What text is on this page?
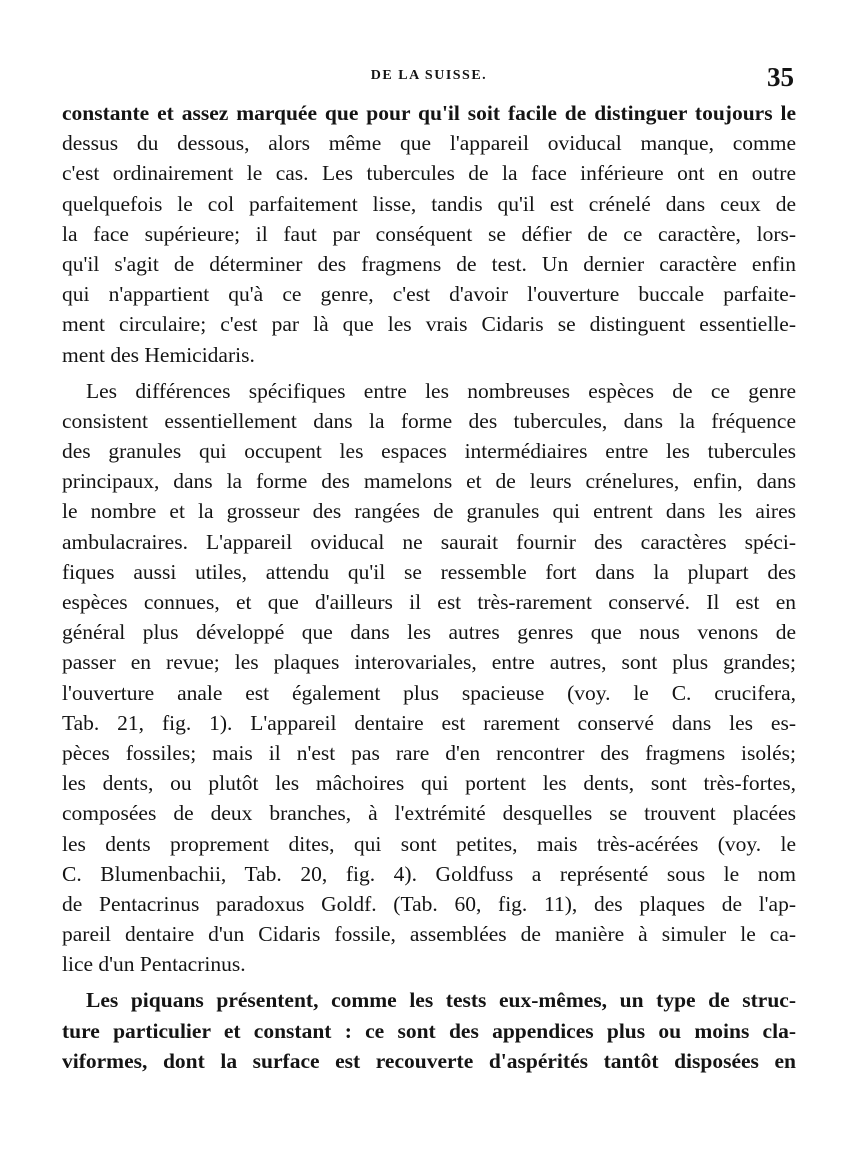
DE LA SUISSE.	35
constante et assez marquée que pour qu'il soit facile de distinguer toujours le
dessus du dessous, alors même que l'appareil oviducal manque, comme
c'est ordinairement le cas. Les tubercules de la face inférieure ont en outre
quelquefois le col parfaitement lisse, tandis qu'il est crénelé dans ceux de
la face supérieure; il faut par conséquent se défier de ce caractère, lors-
qu'il s'agit de déterminer des fragmens de test. Un dernier caractère enfin
qui n'appartient qu'à ce genre, c'est d'avoir l'ouverture buccale parfaite-
ment circulaire; c'est par là que les vrais Cidaris se distinguent essentielle-
ment des Hemicidaris.
Les différences spécifiques entre les nombreuses espèces de ce genre
consistent essentiellement dans la forme des tubercules, dans la fréquence
des granules qui occupent les espaces intermédiaires entre les tubercules
principaux, dans la forme des mamelons et de leurs crénelures, enfin, dans
le nombre et la grosseur des rangées de granules qui entrent dans les aires
ambulacraires. L'appareil oviducal ne saurait fournir des caractères spéci-
fiques aussi utiles, attendu qu'il se ressemble fort dans la plupart des
espèces connues, et que d'ailleurs il est très-rarement conservé. Il est en
général plus développé que dans les autres genres que nous venons de
passer en revue; les plaques interovariales, entre autres, sont plus grandes;
l'ouverture anale est également plus spacieuse (voy. le C. crucifera,
Tab. 21, fig. 1). L'appareil dentaire est rarement conservé dans les es-
pèces fossiles; mais il n'est pas rare d'en rencontrer des fragmens isolés;
les dents, ou plutôt les mâchoires qui portent les dents, sont très-fortes,
composées de deux branches, à l'extrémité desquelles se trouvent placées
les dents proprement dites, qui sont petites, mais très-acérées (voy. le
C. Blumenbachii, Tab. 20, fig. 4). Goldfuss a représenté sous le nom
de Pentacrinus paradoxus Goldf. (Tab. 60, fig. 11), des plaques de l'ap-
pareil dentaire d'un Cidaris fossile, assemblées de manière à simuler le ca-
lice d'un Pentacrinus.
Les piquans présentent, comme les tests eux-mêmes, un type de struc-
ture particulier et constant : ce sont des appendices plus ou moins cla-
viformes, dont la surface est recouverte d'aspérités tantôt disposées en
